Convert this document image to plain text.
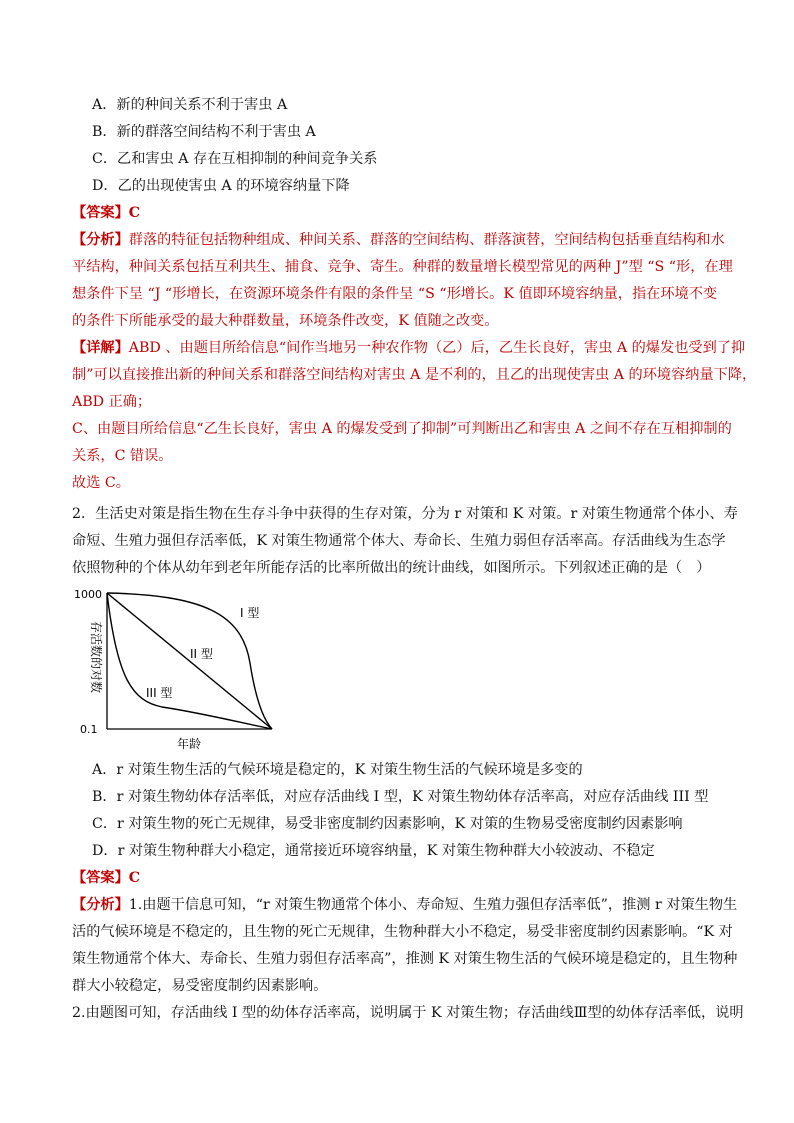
A．新的种间关系不利于害虫 A
B．新的群落空间结构不利于害虫 A
C．乙和害虫 A 存在互相抑制的种间竞争关系
D．乙的出现使害虫 A 的环境容纳量下降
【答案】C
【分析】群落的特征包括物种组成、种间关系、群落的空间结构、群落演替，空间结构包括垂直结构和水
平结构，种间关系包括互利共生、捕食、竞争、寄生。种群的数量增长模型常见的两种 J”型 “S “形，在理
想条件下呈 “J “形增长，在资源环境条件有限的条件呈 “S “形增长。K 值即环境容纳量，指在环境不变
的条件下所能承受的最大种群数量，环境条件改变，K 值随之改变。
【详解】ABD 、由题目所给信息“间作当地另一种农作物（乙）后，乙生长良好，害虫 A 的爆发也受到了抑
制”可以直接推出新的种间关系和群落空间结构对害虫 A 是不利的，且乙的出现使害虫 A 的环境容纳量下降，
ABD 正确；
C、由题目所给信息“乙生长良好，害虫 A 的爆发受到了抑制”可判断出乙和害虫 A 之间不存在互相抑制的
关系，C 错误。
故选 C。
2．生活史对策是指生物在生存斗争中获得的生存对策，分为 r 对策和 K 对策。r 对策生物通常个体小、寿
命短、生殖力强但存活率低，K 对策生物通常个体大、寿命长、生殖力弱但存活率高。存活曲线为生态学
依照物种的个体从幼年到老年所能存活的比率所做出的统计曲线，如图所示。下列叙述正确的是（　）
1000
0.1
存活数的对数
年龄
I 型
II 型
III 型
A．r 对策生物生活的气候环境是稳定的，K 对策生物生活的气候环境是多变的
B．r 对策生物幼体存活率低，对应存活曲线 I 型，K 对策生物幼体存活率高，对应存活曲线 III 型
C．r 对策生物的死亡无规律，易受非密度制约因素影响，K 对策的生物易受密度制约因素影响
D．r 对策生物种群大小稳定，通常接近环境容纳量，K 对策生物种群大小较波动、不稳定
【答案】C
【分析】1.由题干信息可知，“r 对策生物通常个体小、寿命短、生殖力强但存活率低”，推测 r 对策生物生
活的气候环境是不稳定的，且生物的死亡无规律，生物种群大小不稳定，易受非密度制约因素影响。“K 对
策生物通常个体大、寿命长、生殖力弱但存活率高”，推测 K 对策生物生活的气候环境是稳定的，且生物种
群大小较稳定，易受密度制约因素影响。
2.由题图可知，存活曲线 I 型的幼体存活率高，说明属于 K 对策生物；存活曲线Ⅲ型的幼体存活率低，说明
